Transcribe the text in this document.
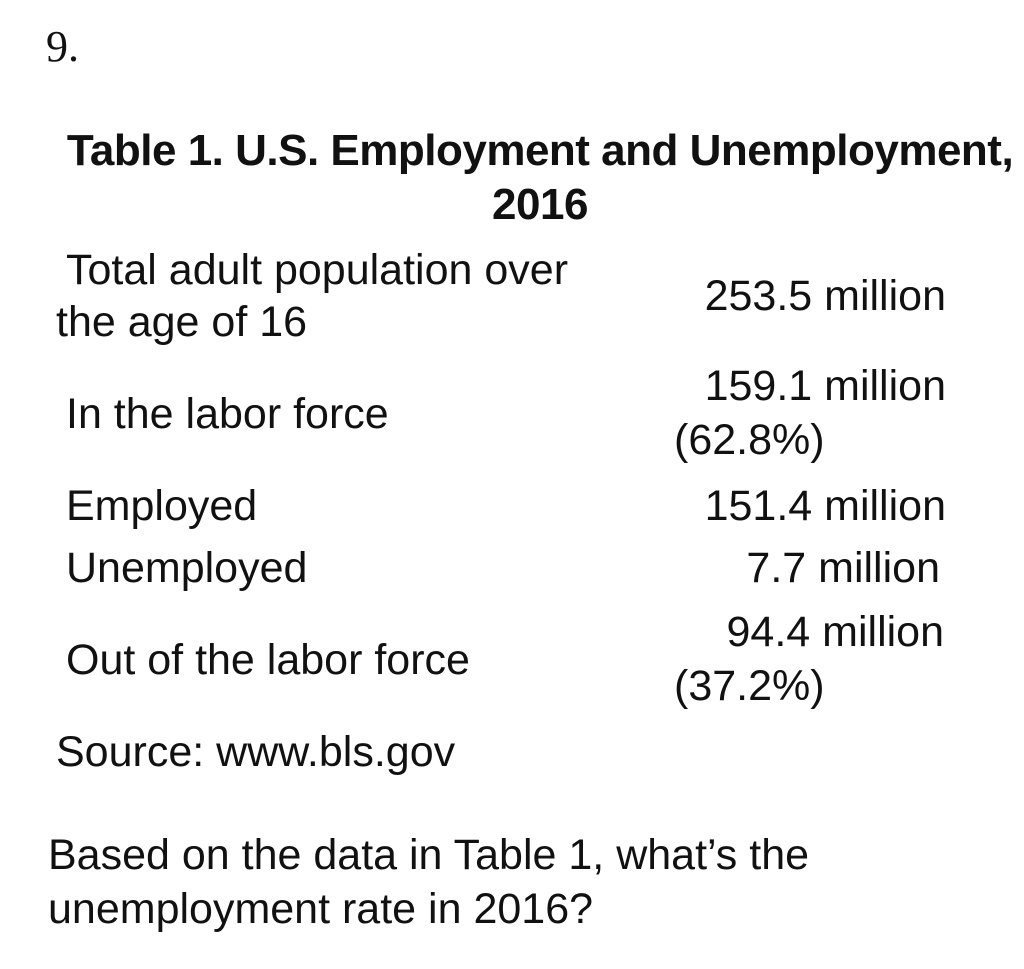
9.
Table 1. U.S. Employment and Unemployment,
2016
Total adult population over
the age of 16
253.5 million
In the labor force
159.1 million
(62.8%)
Employed	151.4 million
Unemployed	7.7 million
Out of the labor force
94.4 million
(37.2%)
Source: www.bls.gov
Based on the data in Table 1, what’s the unemployment rate in 2016?
